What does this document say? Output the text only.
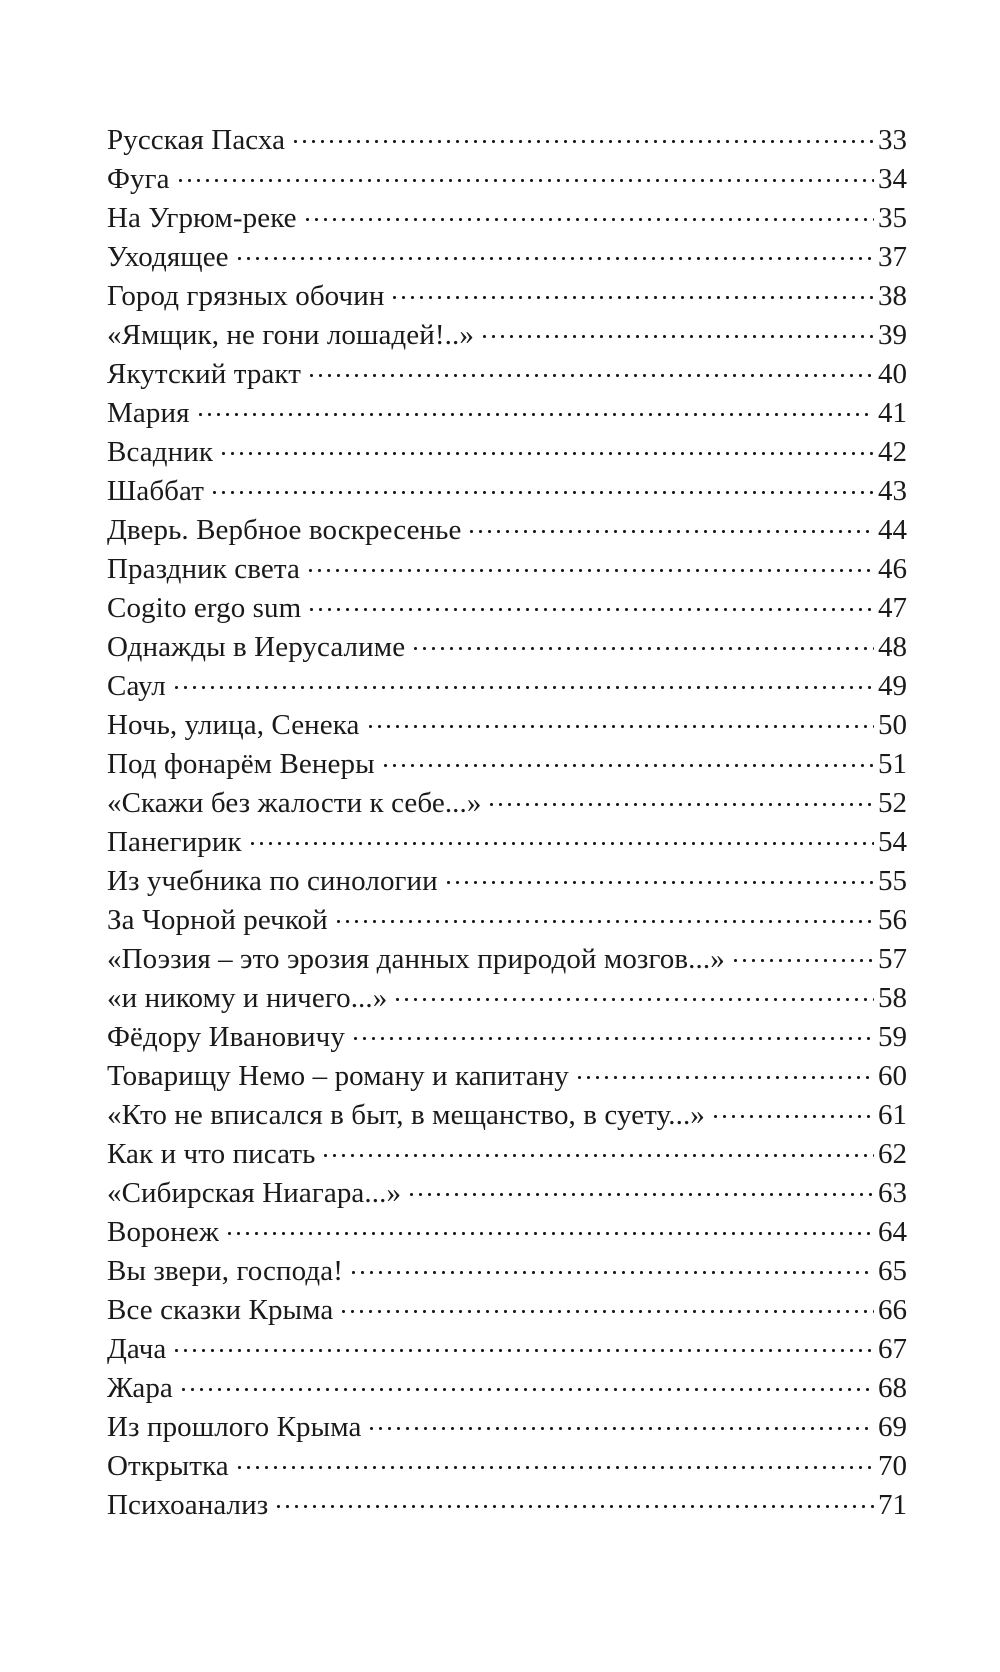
Русская Пасха	33
Фуга	34
На Угрюм-реке	35
Уходящее	37
Город грязных обочин	38
«Ямщик, не гони лошадей!..»	39
Якутский тракт	40
Мария	41
Всадник	42
Шаббат	43
Дверь. Вербное воскресенье	44
Праздник света	46
Cogito ergo sum	47
Однажды в Иерусалиме	48
Саул	49
Ночь, улица, Сенека	50
Под фонарём Венеры	51
«Скажи без жалости к себе...»	52
Панегирик	54
Из учебника по синологии	55
За Чорной речкой	56
«Поэзия – это эрозия данных природой мозгов...»	57
«и никому и ничего...»	58
Фёдору Ивановичу	59
Товарищу Немо – роману и капитану	60
«Кто не вписался в быт, в мещанство, в суету...»	61
Как и что писать	62
«Сибирская Ниагара...»	63
Воронеж	64
Вы звери, господа!	65
Все сказки Крыма	66
Дача	67
Жара	68
Из прошлого Крыма	69
Открытка	70
Психоанализ	71
